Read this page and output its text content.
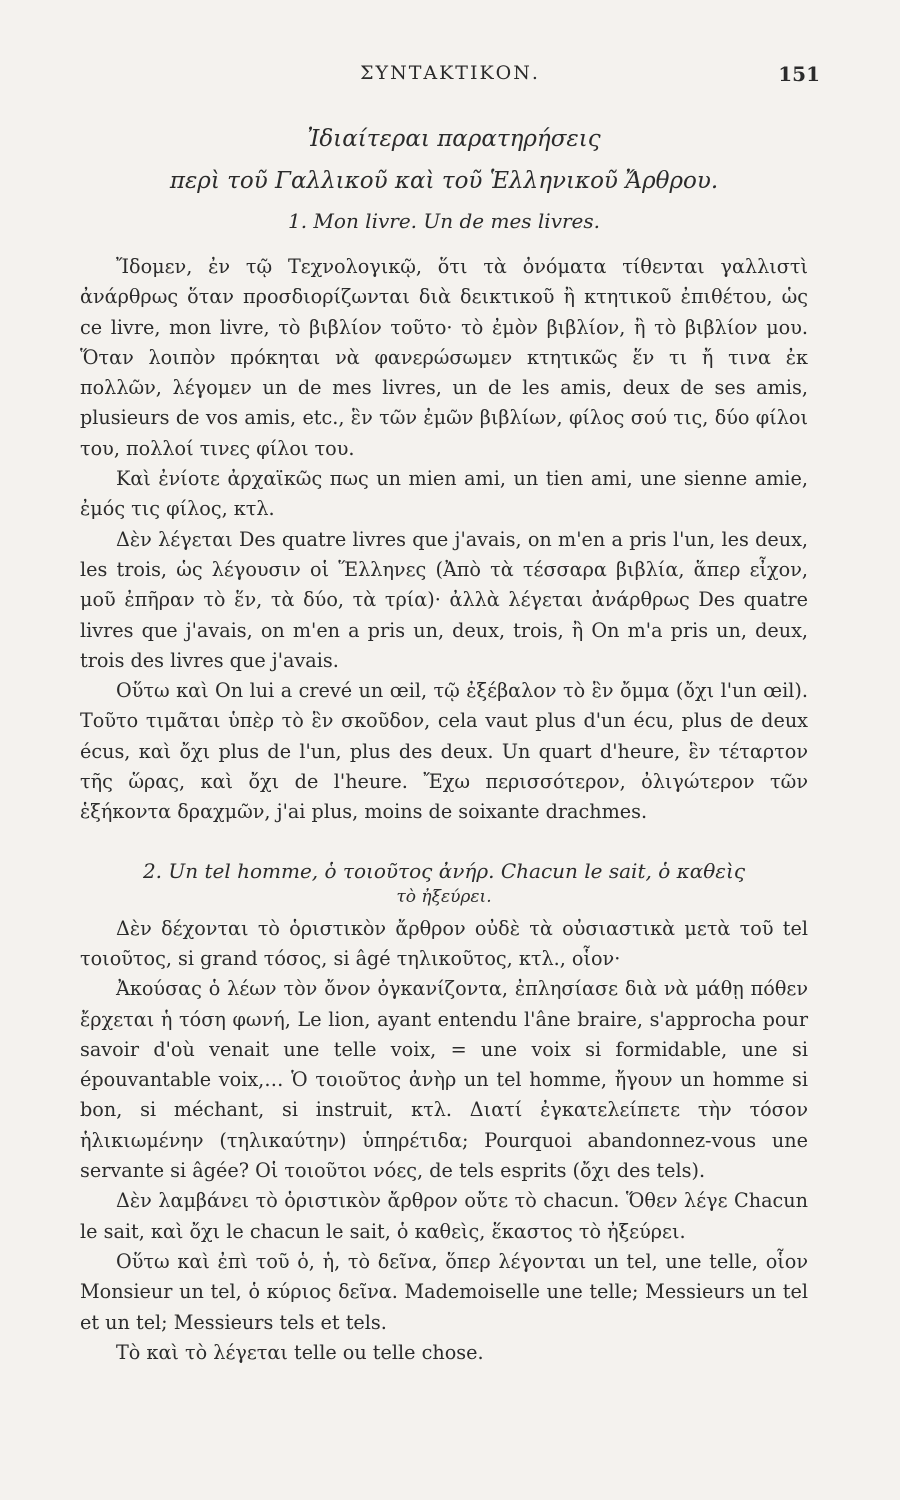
ΣΥΝΤΑΚΤΙΚΟΝ.	151
Ἰδιαίτεραι παρατηρήσεις
περὶ τοῦ Γαλλικοῦ καὶ τοῦ Ἑλληνικοῦ Ἄρθρου.
1. Mon livre. Un de mes livres.

Ἴδομεν, ἐν τῷ Τεχνολογικῷ, ὅτι τὰ ὀνόματα τίθενται γαλλιστὶ ἀνάρθρως ὅταν προσδιορίζωνται διὰ δεικτικοῦ ἢ κτητικοῦ ἐπιθέτου, ὡς ce livre, mon livre, τὸ βιβλίον τοῦτο· τὸ ἐμὸν βιβλίον, ἢ τὸ βιβλίον μου. Ὅταν λοιπὸν πρόκηται νὰ φανερώσωμεν κτητικῶς ἕν τι ἤ τινα ἐκ πολλῶν, λέγομεν un de mes livres, un de les amis, deux de ses amis, plusieurs de vos amis, etc., ἓν τῶν ἐμῶν βιβλίων, φίλος σού τις, δύο φίλοι του, πολλοί τινες φίλοι του.

Καὶ ἐνίοτε ἀρχαϊκῶς πως un mien ami, un tien ami, une sienne amie, ἐμός τις φίλος, κτλ.

Δὲν λέγεται Des quatre livres que j'avais, on m'en a pris l'un, les deux, les trois, ὡς λέγουσιν οἱ Ἕλληνες (Ἀπὸ τὰ τέσσαρα βιβλία, ἅπερ εἶχον, μοῦ ἐπῆραν τὸ ἕν, τὰ δύο, τὰ τρία)· ἀλλὰ λέγεται ἀνάρθρως Des quatre livres que j'avais, on m'en a pris un, deux, trois, ἢ On m'a pris un, deux, trois des livres que j'avais.

Οὕτω καὶ On lui a crevé un œil, τῷ ἐξέβαλον τὸ ἓν ὄμμα (ὄχι l'un œil). Τοῦτο τιμᾶται ὑπὲρ τὸ ἓν σκοῦδον, cela vaut plus d'un écu, plus de deux écus, καὶ ὄχι plus de l'un, plus des deux. Un quart d'heure, ἓν τέταρτον τῆς ὥρας, καὶ ὄχι de l'heure. Ἔχω περισσότερον, ὀλιγώτερον τῶν ἑξήκοντα δραχμῶν, j'ai plus, moins de soixante drachmes.

2. Un tel homme, ὁ τοιοῦτος ἀνήρ. Chacun le sait, ὁ καθεὶς
τὸ ἠξεύρει.

Δὲν δέχονται τὸ ὁριστικὸν ἄρθρον οὐδὲ τὰ οὐσιαστικὰ μετὰ τοῦ tel τοιοῦτος, si grand τόσος, si âgé τηλικοῦτος, κτλ., οἷον·

Ἀκούσας ὁ λέων τὸν ὄνον ὀγκανίζοντα, ἐπλησίασε διὰ νὰ μάθῃ πόθεν ἔρχεται ἡ τόση φωνή, Le lion, ayant entendu l'âne braire, s'approcha pour savoir d'où venait une telle voix, = une voix si formidable, une si épouvantable voix,… Ὁ τοιοῦτος ἀνὴρ un tel homme, ἤγουν un homme si bon, si méchant, si instruit, κτλ. Διατί ἐγκατελείπετε τὴν τόσον ἡλικιωμένην (τηλικαύτην) ὑπηρέτιδα; Pourquoi abandonnez-vous une servante si âgée? Οἱ τοιοῦτοι νόες, de tels esprits (ὄχι des tels).

Δὲν λαμβάνει τὸ ὁριστικὸν ἄρθρον οὔτε τὸ chacun. Ὅθεν λέγε Chacun le sait, καὶ ὄχι le chacun le sait, ὁ καθεὶς, ἕκαστος τὸ ἠξεύρει.

Οὕτω καὶ ἐπὶ τοῦ ὁ, ἡ, τὸ δεῖνα, ὅπερ λέγονται un tel, une telle, οἷον Monsieur un tel, ὁ κύριος δεῖνα. Mademoiselle une telle; Messieurs un tel et un tel; Messieurs tels et tels.

Τὸ καὶ τὸ λέγεται telle ou telle chose.
